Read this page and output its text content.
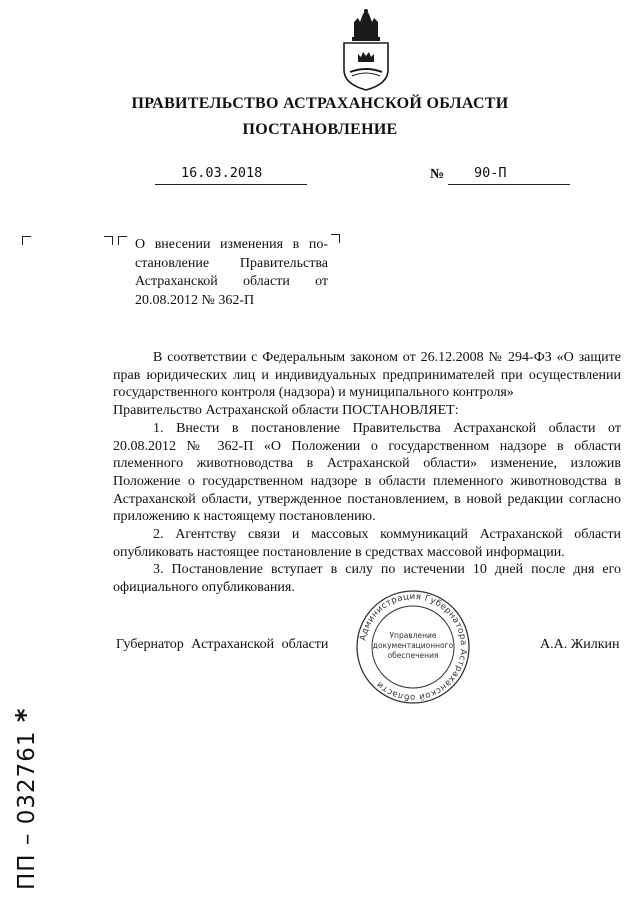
ПРАВИТЕЛЬСТВО АСТРАХАНСКОЙ ОБЛАСТИ
ПОСТАНОВЛЕНИЕ
16.03.2018	№ 90-П
О внесении изменения в по-
становление Правительства
Астраханской области от
20.08.2012 № 362-П

В соответствии с Федеральным законом от 26.12.2008 № 294-ФЗ «О защите прав юридических лиц и индивидуальных предпринимателей при осуществлении государственного контроля (надзора) и муниципального контроля»

Правительство Астраханской области ПОСТАНОВЛЯЕТ:

1. Внести в постановление Правительства Астраханской области от 20.08.2012 № 362-П «О Положении о государственном надзоре в области племенного животноводства в Астраханской области» изменение, изложив Положение о государственном надзоре в области племенного животноводства в Астраханской области, утвержденное постановлением, в новой редакции согласно приложению к настоящему постановлению.

2. Агентству связи и массовых коммуникаций Астраханской области опубликовать настоящее постановление в средствах массовой информации.

3. Постановление вступает в силу по истечении 10 дней после дня его официального опубликования.

Губернатор Астраханской области	А.А. Жилкин
Администрация Губернатора Астраханской области
Управление
документационного
обеспечения
ПП – 032761 *
